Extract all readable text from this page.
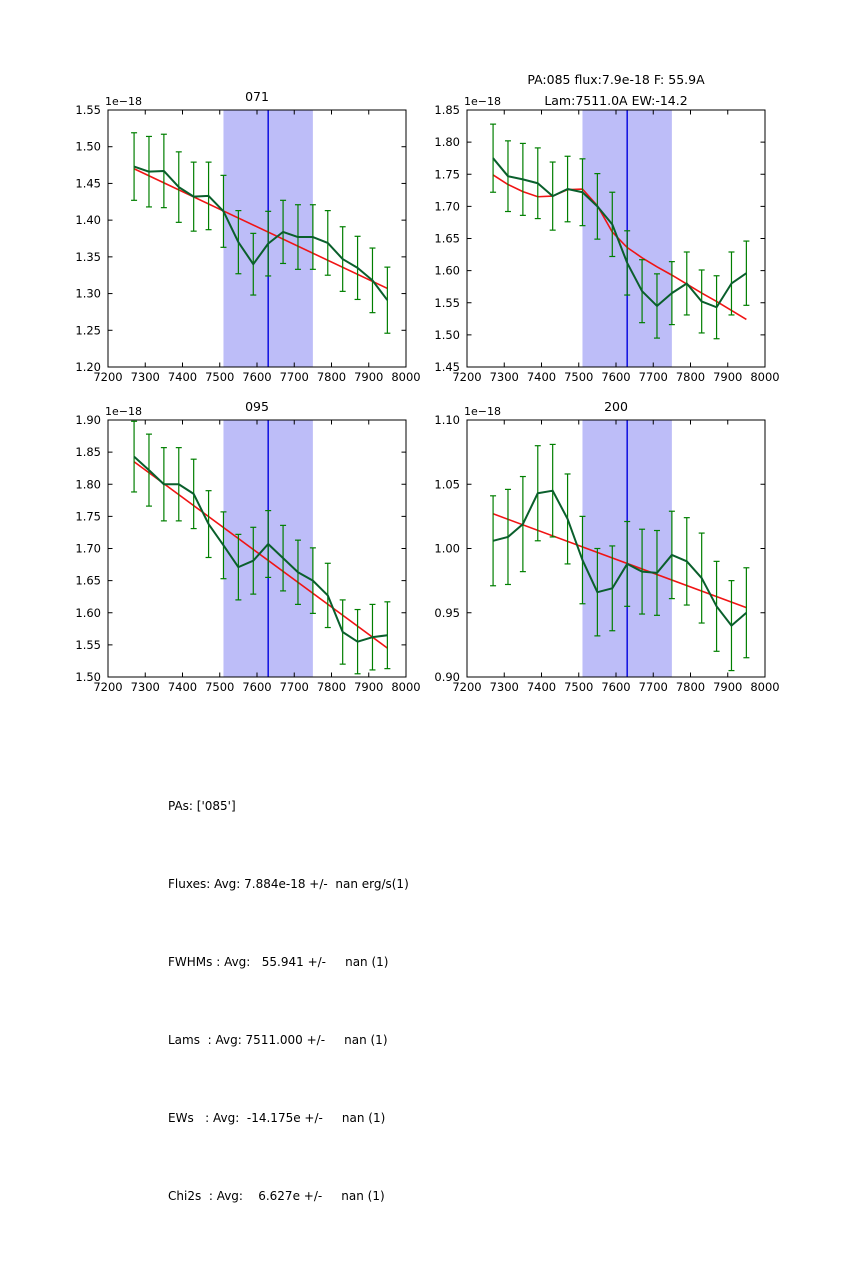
7200 7300 7400 7500 7600 7700 7800 7900 8000
1.20
1.25
1.30
1.35
1.40
1.45
1.50
1.55
1e−18	071
7200 7300 7400 7500 7600 7700 7800 7900 8000
1.45
1.50
1.55
1.60
1.65
1.70
1.75
1.80
1.85
1e−18
PA:085 flux:7.9e-18 F: 55.9A
Lam:7511.0A EW:-14.2
7200 7300 7400 7500 7600 7700 7800 7900 8000
1.50
1.55
1.60
1.65
1.70
1.75
1.80
1.85
1.90
1e−18	095
7200 7300 7400 7500 7600 7700 7800 7900 8000
0.90
0.95
1.00
1.05
1.10
1e−18	200

PAs: ['085']

Fluxes: Avg: 7.884e-18 +/-  nan erg/s(1)

FWHMs : Avg:   55.941 +/-     nan (1)

Lams  : Avg: 7511.000 +/-     nan (1)

EWs   : Avg:  -14.175e +/-     nan (1)

Chi2s  : Avg:    6.627e +/-     nan (1)
